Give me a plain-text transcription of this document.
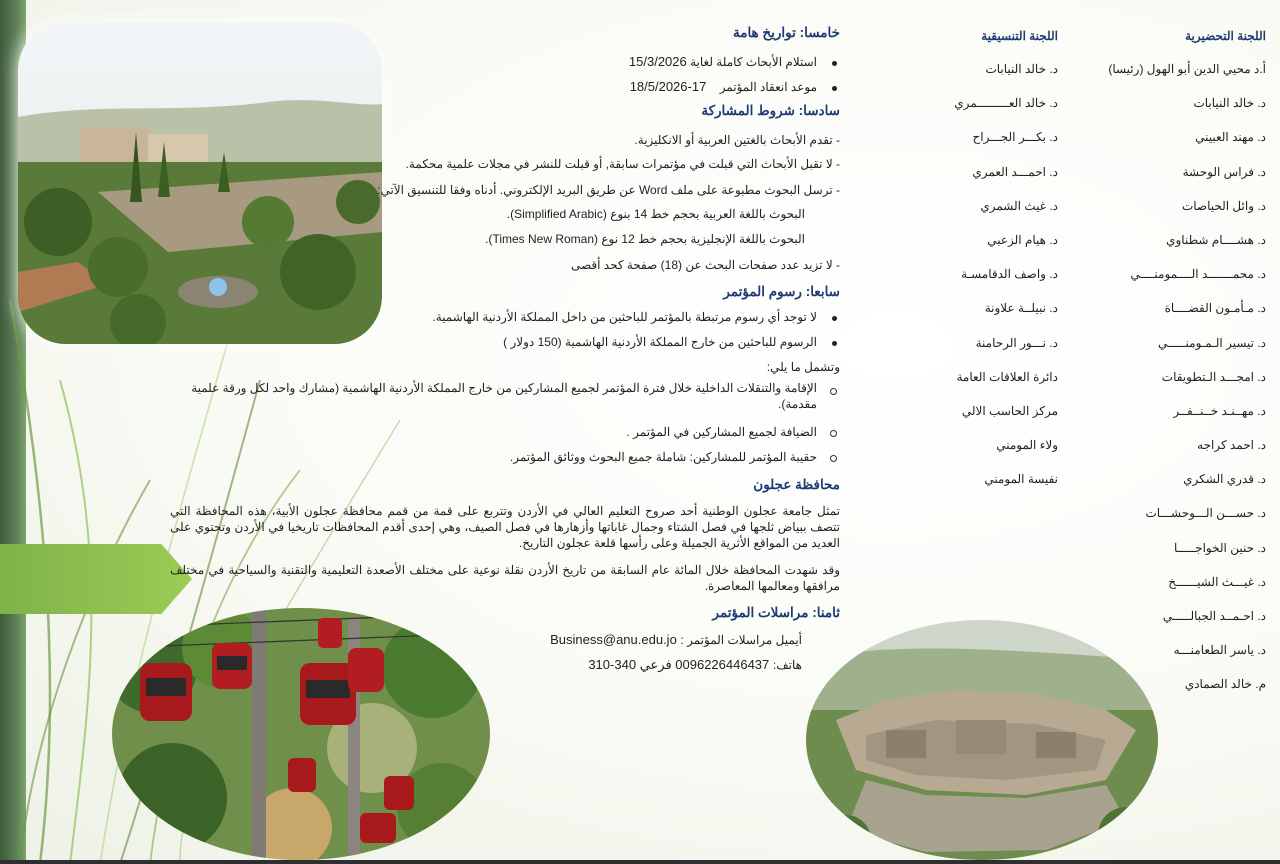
اللجنة التحضيرية
أ.د محيي الدين أبو الهول (رئيسا)
د. خالد النيابات
د. مهند العبيني
د. فراس الوحشة
د. وائل الحياصات
د. هشــــام شطناوي
د. محمـــــــد الــــمومنــــي
د. مـأمـون القضــــاة
د. تيسير الـمـومنـــــي
د. امجـــد الـتطويقات
د. مهــنـد خــنــفــر
د. احمد كراجه
د. قدري الشكري
د. حســـن الـــوحشـــات
د. حنين الخواجـــــا
د. غيـــث الشيــــــخ
د. احـمــد الجبالـــــي
د. ياسر الطعامنـــه
م. خالد الصمادي
اللجنة التنسيقية
د. خالد النيابات
د. خالد العـــــــــمري
د. بكـــر الجـــراح
د. احمـــد العمري
د. غيث الشمري
د. هيام الزعبي
د. واصف الدقامسـة
د. نبيلــة علاونة
د. نـــور الرحامنة
دائرة العلاقات العامة
مركز الحاسب الالي
ولاء المومني
نفيسة المومني
خامسا: تواريخ هامة
استلام الأبحاث كاملة لغاية 15/3/2026
موعد انعقاد المؤتمر    17-18/5/2026
سادسا: شروط المشاركة
- تقدم الأبحاث بالغتين العربية أو الانكليزية.
- لا تقبل الأبحاث التي قبلت في مؤتمرات سابقة, أو قبلت للنشر في مجلات علمية محكمة.
- ترسل البحوث مطبوعة على ملف Word عن طريق البريد الإلكتروني. أدناه وفقا للتنسيق الآتي:
البحوث باللغة العربية بحجم خط 14 بنوع (Simplified Arabic).
البحوث باللغة الإنجليزية بحجم خط 12 نوع (Times New Roman).
- لا تزيد عدد صفحات البحث عن (18) صفحة كحد أقصى
سابعا: رسوم المؤتمر
لا توجد أي رسوم مرتبطة بالمؤتمر للباحثين من داخل المملكة الأردنية الهاشمية.
الرسوم للباحثين من خارج المملكة الأردنية الهاشمية (150 دولار )
وتشمل ما يلي:
الإقامة والتنقلات الداخلية خلال فترة المؤتمر لجميع المشاركين من خارج المملكة الأردنية الهاشمية (مشارك واحد لكل ورقة علمية مقدمة).
الضيافة لجميع المشاركين في المؤتمر .
حقيبة المؤتمر للمشاركين: شاملة جميع البحوث ووثائق المؤتمر.
محافظة عجلون
تمثل جامعة عجلون الوطنية أحد صروح التعليم العالي في الأردن وتتربع على قمة من قمم محافظة عجلون الأبية، هذه المحافظة التي تتصف ببياض ثلجها في فصل الشتاء وجمال غاباتها وأزهارها في فصل الصيف، وهي إحدى أقدم المحافظات تاريخيا في الأردن وتحتوي على العديد من المواقع الأثرية الجميلة وعلى رأسها قلعة عجلون التاريخ.
وقد شهدت المحافظة خلال المائة عام السابقة من تاريخ الأردن نقلة نوعية على مختلف الأصعدة التعليمية والتقنية والسياحية في مختلف مرافقها ومعالمها المعاصرة.
ثامنا: مراسلات المؤتمر
أيميل مراسلات المؤتمر : Business@anu.edu.jo
هاتف: 0096226446437 فرعي 340-310
